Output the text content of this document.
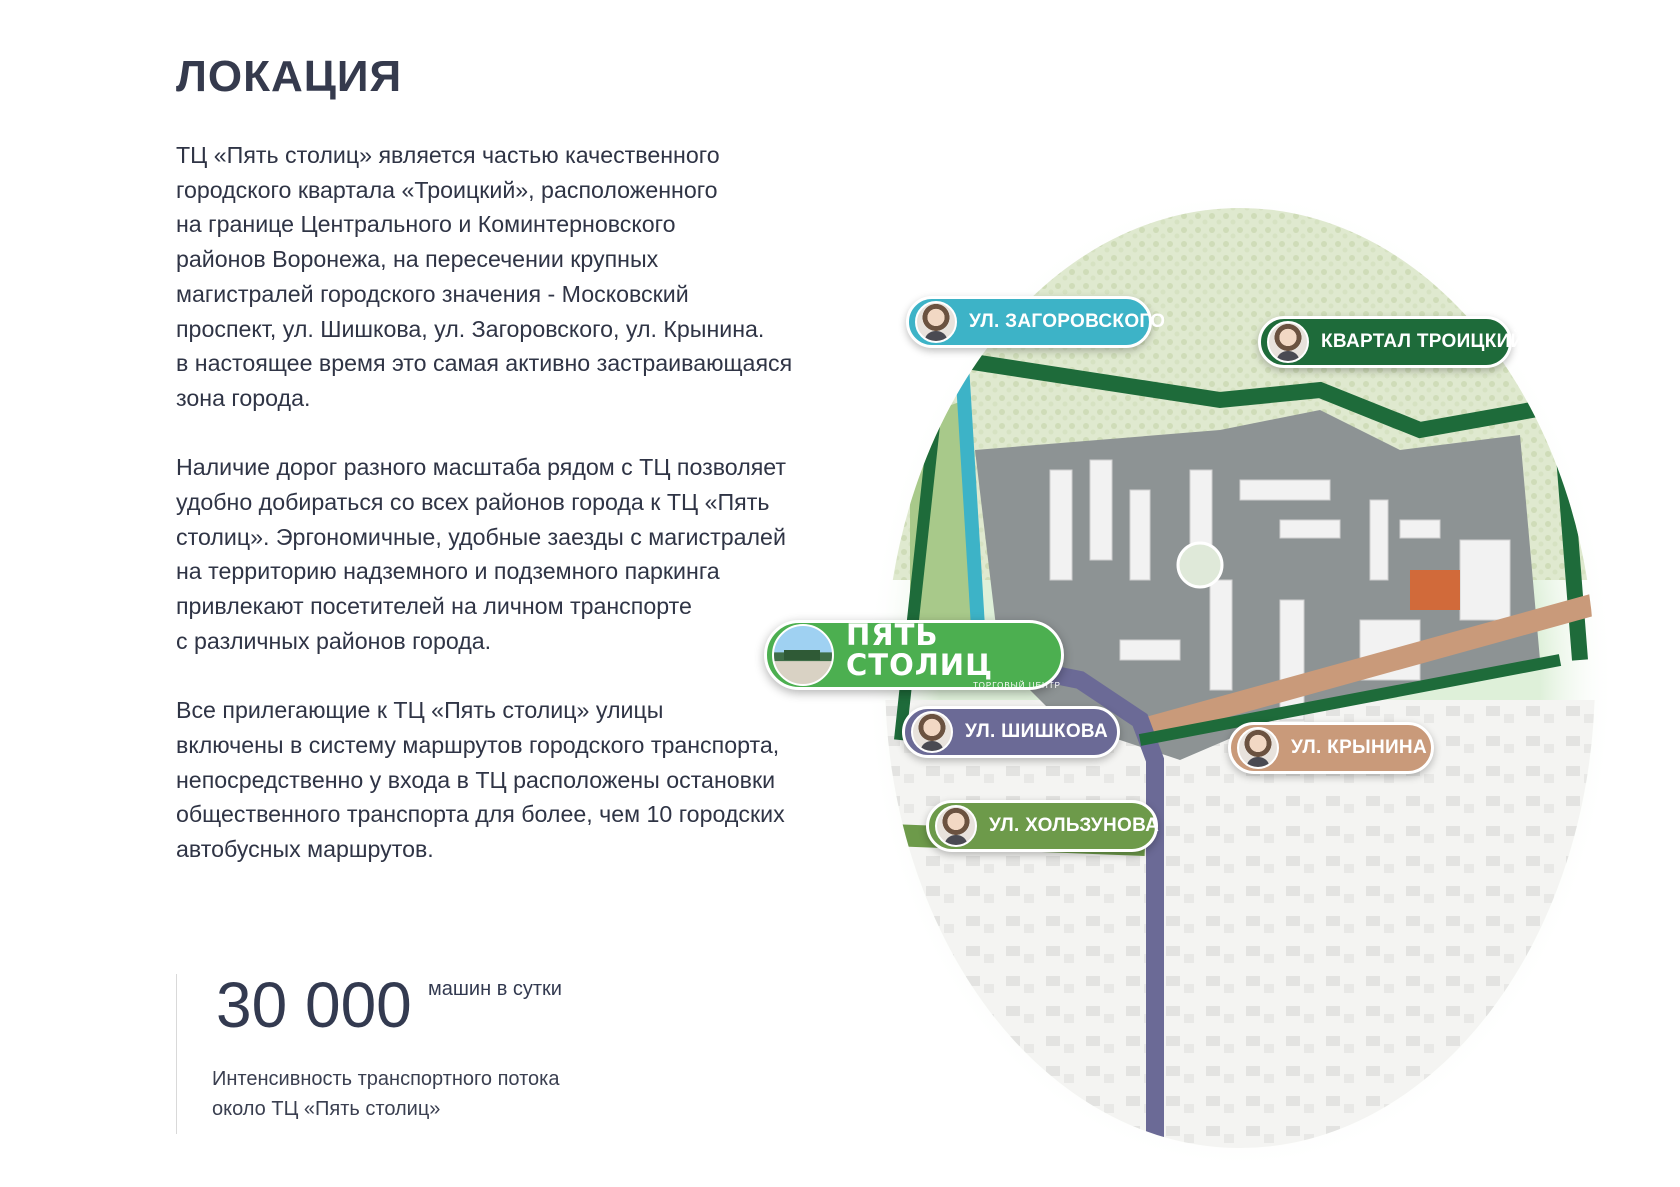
ЛОКАЦИЯ

ТЦ «Пять столиц» является частью качественного
городского квартала «Троицкий», расположенного
на границе Центрального и Коминтерновского
районов Воронежа, на пересечении крупных
магистралей городского значения - Московский
проспект, ул. Шишкова, ул. Загоровского, ул. Крынина.
в настоящее время это самая активно застраивающаяся
зона города.

Наличие дорог разного масштаба рядом с ТЦ позволяет
удобно добираться со всех районов города к ТЦ «Пять
столиц». Эргономичные, удобные заезды с магистралей
на территорию надземного и подземного паркинга
привлекают посетителей на личном транспорте
с различных районов города.

Все прилегающие к ТЦ «Пять столиц» улицы
включены в систему маршрутов городского транспорта,
непосредственно у входа в ТЦ расположены остановки
общественного транспорта для более, чем 10 городских
автобусных маршрутов.

30 000 машин в сутки
Интенсивность транспортного потока
около ТЦ «Пять столиц»
УЛ. ЗАГОРОВСКОГО
КВАРТАЛ ТРОИЦКИЙ
УЛ. ШИШКОВА
УЛ. КРЫНИНА
УЛ. ХОЛЬЗУНОВА
ПЯТЬ СТОЛИЦ
ТОРГОВЫЙ ЦЕНТР
